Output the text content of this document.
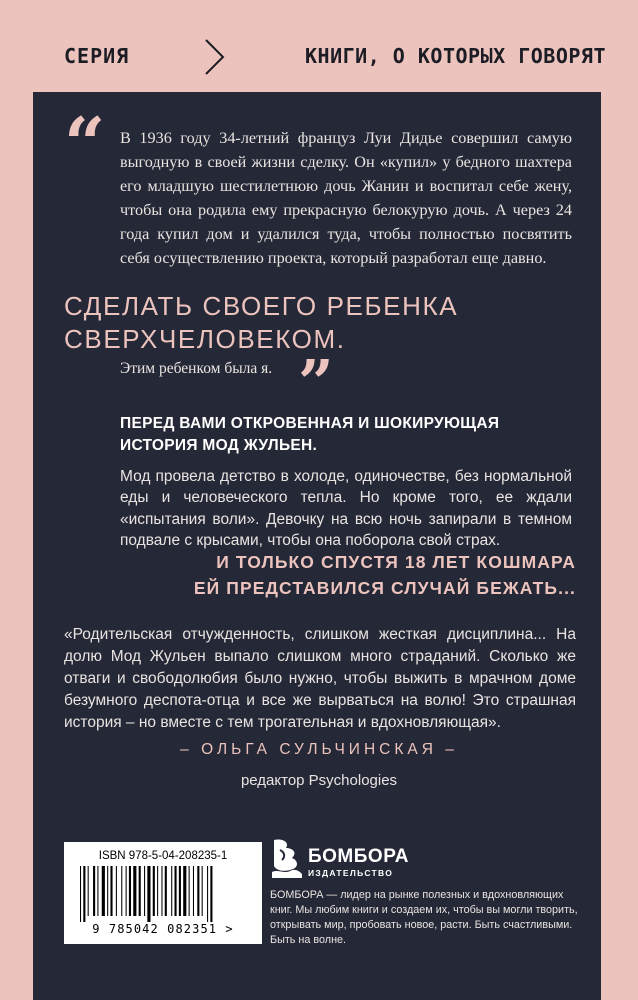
СЕРИЯ	КНИГИ, О КОТОРЫХ ГОВОРЯТ
“ В 1936 году 34-летний француз Луи Дидье совершил самую выгодную в своей жизни сделку. Он «купил» у бедного шахтера его младшую шестилетнюю дочь Жанин и воспитал себе жену, чтобы она родила ему прекрасную белокурую дочь. А через 24 года купил дом и удалился туда, чтобы полностью посвятить себя осуществлению проекта, который разработал еще давно.

СДЕЛАТЬ СВОЕГО РЕБЕНКА СВЕРХЧЕЛОВЕКОМ.

Этим ребенком была я. ”

ПЕРЕД ВАМИ ОТКРОВЕННАЯ И ШОКИРУЮЩАЯ ИСТОРИЯ МОД ЖУЛЬЕН.

Мод провела детство в холоде, одиночестве, без нормальной еды и человеческого тепла. Но кроме того, ее ждали «испытания воли». Девочку на всю ночь запирали в темном подвале с крысами, чтобы она поборола свой страх.

И ТОЛЬКО СПУСТЯ 18 ЛЕТ КОШМАРА
ЕЙ ПРЕДСТАВИЛСЯ СЛУЧАЙ БЕЖАТЬ...

«Родительская отчужденность, слишком жесткая дисциплина... На долю Мод Жульен выпало слишком много страданий. Сколько же отваги и свободолюбия было нужно, чтобы выжить в мрачном доме безумного деспота-отца и все же вырваться на волю! Это страшная история – но вместе с тем трогательная и вдохновляющая».

– ОЛЬГА СУЛЬЧИНСКАЯ –

редактор Psychologies

ISBN 978-5-04-208235-1

9 785042 082351 >

БОМБОРА

ИЗДАТЕЛЬСТВО

БОМБОРА — лидер на рынке полезных и вдохновляющих книг. Мы любим книги и создаем их, чтобы вы могли творить, открывать мир, пробовать новое, расти. Быть счастливыми. Быть на волне.
